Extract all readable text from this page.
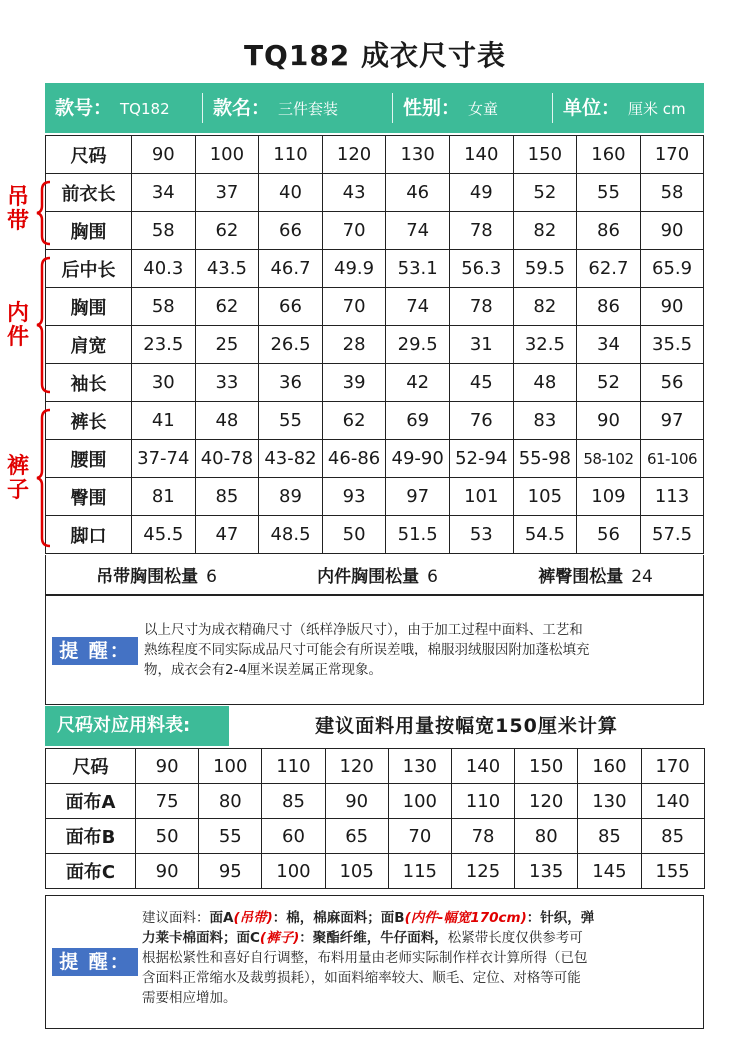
TQ182 成衣尺寸表
款号： TQ182 款名： 三件套装	性别： 女童	单位： 厘米 cm
尺码	90	100	110	120	130	140	150	160	170
前衣长	34	37	40	43	46	49	52	55	58
胸围	58	62	66	70	74	78	82	86	90
后中长	40.3	43.5	46.7	49.9	53.1	56.3	59.5	62.7	65.9
胸围	58	62	66	70	74	78	82	86	90
肩宽	23.5	25	26.5	28	29.5	31	32.5	34	35.5
袖长	30	33	36	39	42	45	48	52	56
裤长	41	48	55	62	69	76	83	90	97
腰围	37-74	40-78	43-82	46-86	49-90	52-94	55-98	58-102	61-106
臀围	81	85	89	93	97	101	105	109	113
脚口	45.5	47	48.5	50	51.5	53	54.5	56	57.5
吊
带
内
件
裤
子
吊带胸围松量 6	内件胸围松量 6	裤臀围松量 24
提 醒：
以上尺寸为成衣精确尺寸（纸样净版尺寸），由于加工过程中面料、工艺和
熟练程度不同实际成品尺寸可能会有所误差哦，棉服羽绒服因附加蓬松填充
物，成衣会有2-4厘米误差属正常现象。
尺码对应用料表:	建议面料用量按幅宽150厘米计算
尺码	90	100	110	120	130	140	150	160	170
面布A	75	80	85	90	100	110	120	130	140
面布B	50	55	60	65	70	78	80	85	85
面布C	90	95	100	105	115	125	135	145	155
提 醒：
建议面料：面A(吊带)：棉，棉麻面料；面B(内件-幅宽170cm)：针织，弹
力莱卡棉面料；面C(裤子)：聚酯纤维，牛仔面料，松紧带长度仅供参考可
根据松紧性和喜好自行调整，布料用量由老师实际制作样衣计算所得（已包
含面料正常缩水及裁剪损耗），如面料缩率较大、顺毛、定位、对格等可能
需要相应增加。
